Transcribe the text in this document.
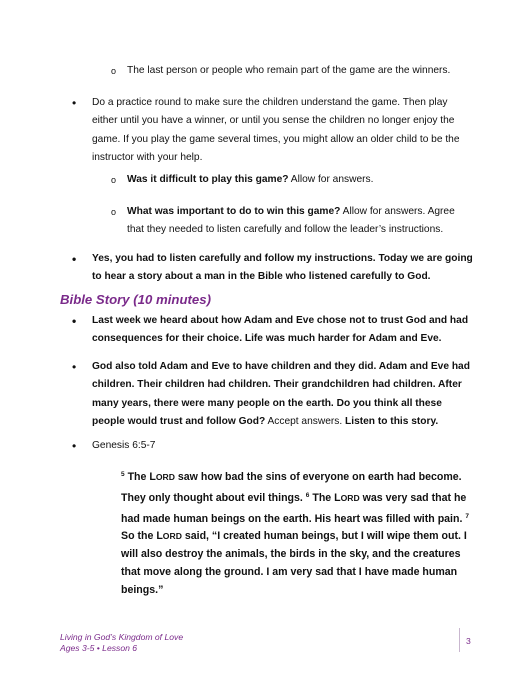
o The last person or people who remain part of the game are the winners.
• Do a practice round to make sure the children understand the game. Then play either until you have a winner, or until you sense the children no longer enjoy the game. If you play the game several times, you might allow an older child to be the instructor with your help.
o Was it difficult to play this game? Allow for answers.
o What was important to do to win this game? Allow for answers. Agree that they needed to listen carefully and follow the leader’s instructions.
• Yes, you had to listen carefully and follow my instructions. Today we are going to hear a story about a man in the Bible who listened carefully to God.
Bible Story (10 minutes)
• Last week we heard about how Adam and Eve chose not to trust God and had consequences for their choice. Life was much harder for Adam and Eve.
• God also told Adam and Eve to have children and they did. Adam and Eve had children. Their children had children. Their grandchildren had children. After many years, there were many people on the earth. Do you think all these people would trust and follow God? Accept answers. Listen to this story.
• Genesis 6:5-7
$^5$ The LORD saw how bad the sins of everyone on earth had become. They only thought about evil things. $^6$ The LORD was very sad that he had made human beings on the earth. His heart was filled with pain. $^7$ So the LORD said, “I created human beings, but I will wipe them out. I will also destroy the animals, the birds in the sky, and the creatures that move along the ground. I am very sad that I have made human beings.”
Living in God’s Kingdom of Love
Ages 3-5 • Lesson 6
3
